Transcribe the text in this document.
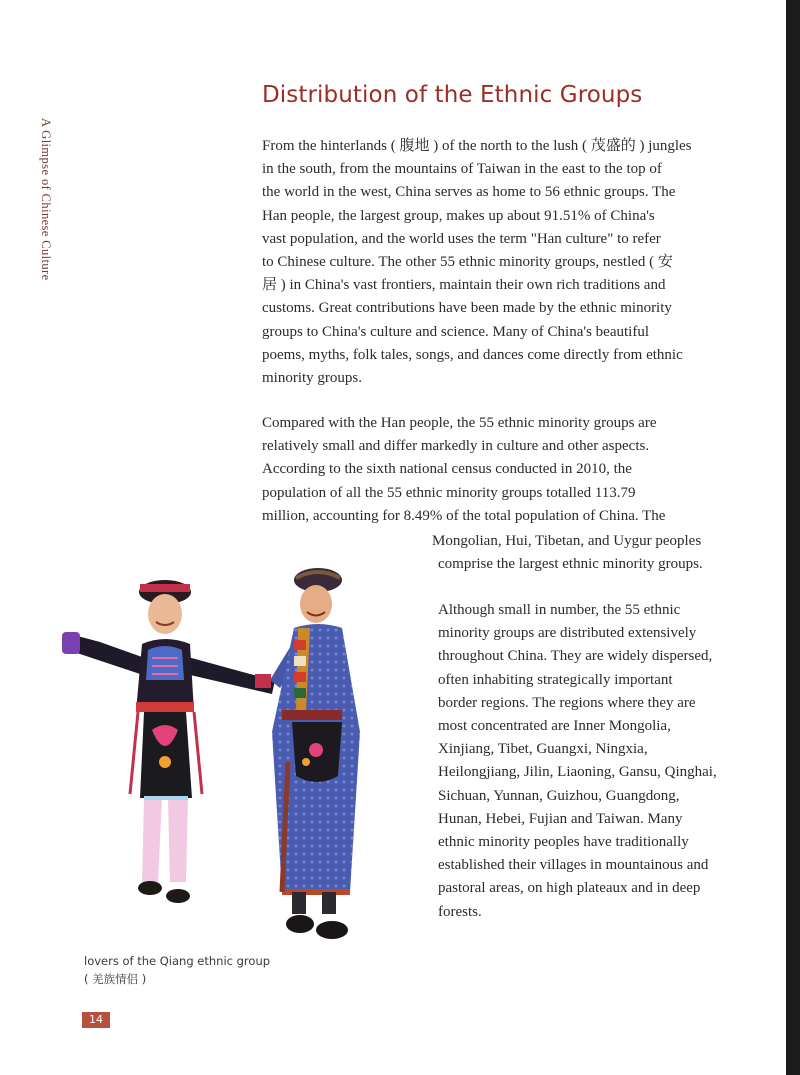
A Glimpse of Chinese Culture
Distribution of the Ethnic Groups
From the hinterlands ( 腹地 ) of the north to the lush ( 茂盛的 ) jungles
in the south, from the mountains of Taiwan in the east to the top of
the world in the west, China serves as home to 56 ethnic groups. The
Han people, the largest group, makes up about 91.51% of China's
vast population, and the world uses the term "Han culture" to refer
to Chinese culture. The other 55 ethnic minority groups, nestled ( 安
居 ) in China's vast frontiers, maintain their own rich traditions and
customs. Great contributions have been made by the ethnic minority
groups to China's culture and science. Many of China's beautiful
poems, myths, folk tales, songs, and dances come directly from ethnic
minority groups.
Compared with the Han people, the 55 ethnic minority groups are
relatively small and differ markedly in culture and other aspects.
According to the sixth national census conducted in 2010, the
population of all the 55 ethnic minority groups totalled 113.79
million, accounting for 8.49% of the total population of China. The
Mongolian, Hui, Tibetan, and Uygur peoples
comprise the largest ethnic minority groups.
Although small in number, the 55 ethnic
minority groups are distributed extensively
throughout China. They are widely dispersed,
often inhabiting strategically important
border regions. The regions where they are
most concentrated are Inner Mongolia,
Xinjiang, Tibet, Guangxi, Ningxia,
Heilongjiang, Jilin, Liaoning, Gansu, Qinghai,
Sichuan, Yunnan, Guizhou, Guangdong,
Hunan, Hebei, Fujian and Taiwan. Many
ethnic minority peoples have traditionally
established their villages in mountainous and
pastoral areas, on high plateaux and in deep
forests.
lovers of the Qiang ethnic group
( 羌族情侣 )
14
